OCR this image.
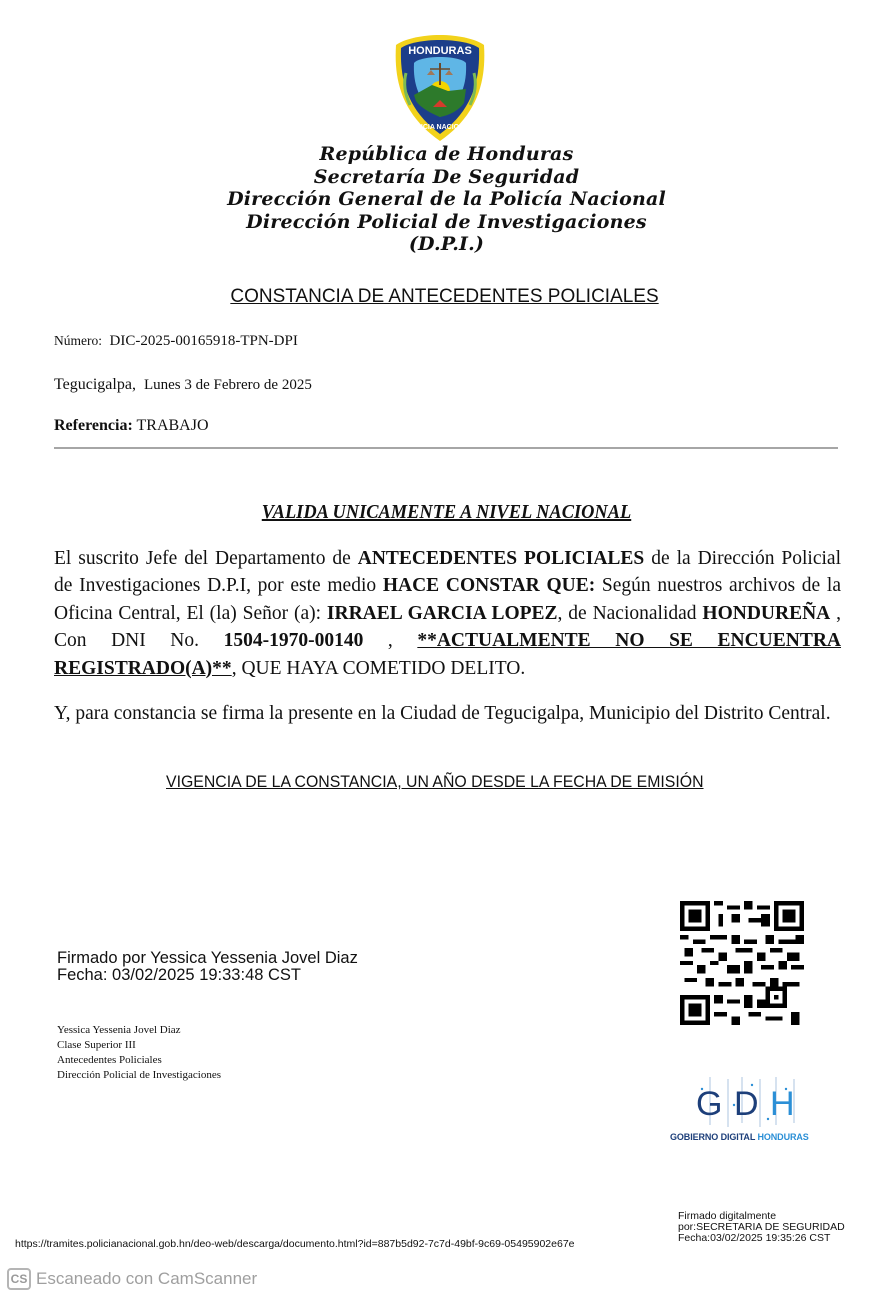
HONDURAS
POLICIA NACIONAL
República de Honduras
Secretaría De Seguridad
Dirección General de la Policía Nacional
Dirección Policial de Investigaciones
(D.P.I.)
CONSTANCIA DE ANTECEDENTES POLICIALES
Número: DIC-2025-00165918-TPN-DPI
Tegucigalpa, Lunes 3 de Febrero de 2025
Referencia: TRABAJO
VALIDA UNICAMENTE A NIVEL NACIONAL
El suscrito Jefe del Departamento de ANTECEDENTES POLICIALES de la Dirección Policial de Investigaciones D.P.I, por este medio HACE CONSTAR QUE: Según nuestros archivos de la Oficina Central, El (la) Señor (a): IRRAEL GARCIA LOPEZ, de Nacionalidad HONDUREÑA , Con DNI No. 1504-1970-00140 , **ACTUALMENTE NO SE ENCUENTRA REGISTRADO(A)**, QUE HAYA COMETIDO DELITO.
Y, para constancia se firma la presente en la Ciudad de Tegucigalpa, Municipio del Distrito Central.
VIGENCIA DE LA CONSTANCIA, UN AÑO DESDE LA FECHA DE EMISIÓN
Firmado por Yessica Yessenia Jovel Diaz
Fecha: 03/02/2025 19:33:48 CST
Yessica Yessenia Jovel Diaz
Clase Superior III
Antecedentes Policiales
Dirección Policial de Investigaciones
G D H
GOBIERNO DIGITAL HONDURAS
Firmado digitalmente
por:SECRETARIA DE SEGURIDAD
Fecha:03/02/2025 19:35:26 CST
https://tramites.policianacional.gob.hn/deo-web/descarga/documento.html?id=887b5d92-7c7d-49bf-9c69-05495902e67e
CS Escaneado con CamScanner
